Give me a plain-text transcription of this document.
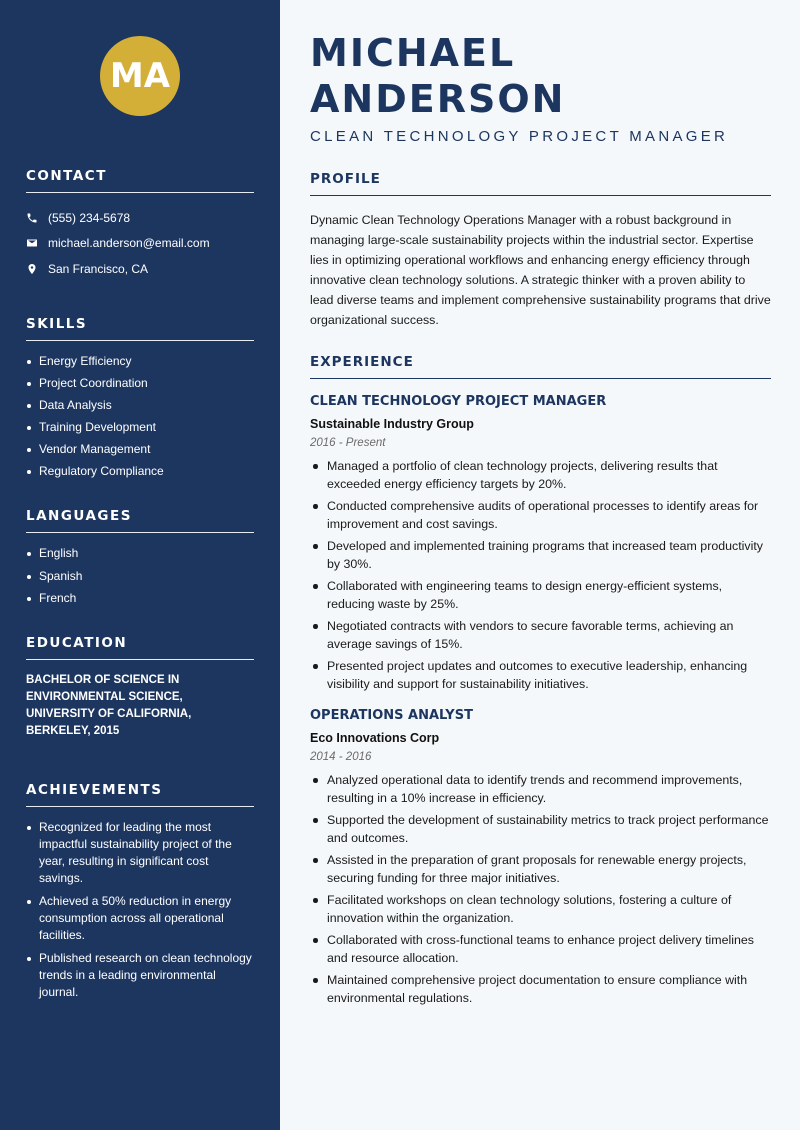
MA
CONTACT
(555) 234-5678
michael.anderson@email.com
San Francisco, CA
SKILLS
Energy Efficiency
Project Coordination
Data Analysis
Training Development
Vendor Management
Regulatory Compliance
LANGUAGES
English
Spanish
French
EDUCATION
BACHELOR OF SCIENCE IN ENVIRONMENTAL SCIENCE, UNIVERSITY OF CALIFORNIA, BERKELEY, 2015
ACHIEVEMENTS
Recognized for leading the most impactful sustainability project of the year, resulting in significant cost savings.
Achieved a 50% reduction in energy consumption across all operational facilities.
Published research on clean technology trends in a leading environmental journal.
MICHAEL ANDERSON
CLEAN TECHNOLOGY PROJECT MANAGER
PROFILE

Dynamic Clean Technology Operations Manager with a robust background in managing large-scale sustainability projects within the industrial sector. Expertise lies in optimizing operational workflows and enhancing energy efficiency through innovative clean technology solutions. A strategic thinker with a proven ability to lead diverse teams and implement comprehensive sustainability programs that drive organizational success.

EXPERIENCE
CLEAN TECHNOLOGY PROJECT MANAGER
Sustainable Industry Group
2016 - Present
Managed a portfolio of clean technology projects, delivering results that exceeded energy efficiency targets by 20%.
Conducted comprehensive audits of operational processes to identify areas for improvement and cost savings.
Developed and implemented training programs that increased team productivity by 30%.
Collaborated with engineering teams to design energy-efficient systems, reducing waste by 25%.
Negotiated contracts with vendors to secure favorable terms, achieving an average savings of 15%.
Presented project updates and outcomes to executive leadership, enhancing visibility and support for sustainability initiatives.
OPERATIONS ANALYST
Eco Innovations Corp
2014 - 2016
Analyzed operational data to identify trends and recommend improvements, resulting in a 10% increase in efficiency.
Supported the development of sustainability metrics to track project performance and outcomes.
Assisted in the preparation of grant proposals for renewable energy projects, securing funding for three major initiatives.
Facilitated workshops on clean technology solutions, fostering a culture of innovation within the organization.
Collaborated with cross-functional teams to enhance project delivery timelines and resource allocation.
Maintained comprehensive project documentation to ensure compliance with environmental regulations.
